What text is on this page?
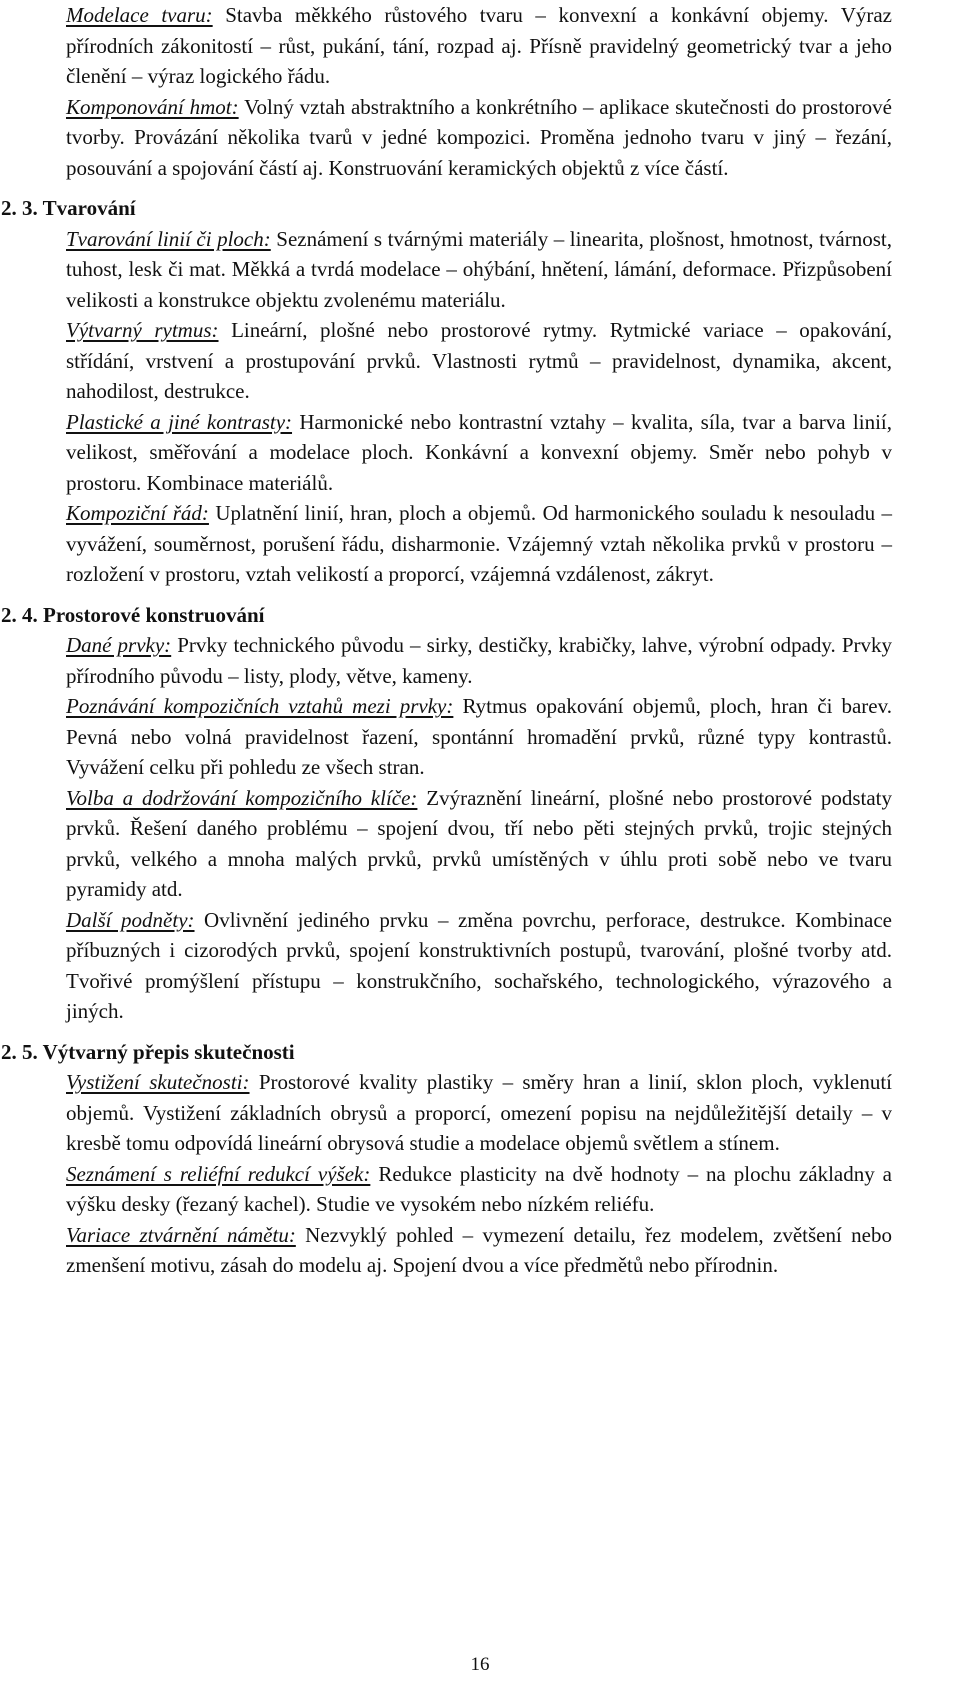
Modelace tvaru: Stavba měkkého růstového tvaru – konvexní a konkávní objemy. Výraz přírodních zákonitostí – růst, pukání, tání, rozpad aj. Přísně pravidelný geometrický tvar a jeho členění – výraz logického řádu.

Komponování hmot: Volný vztah abstraktního a konkrétního – aplikace skutečnosti do prostorové tvorby. Provázání několika tvarů v jedné kompozici. Proměna jednoho tvaru v jiný – řezání, posouvání a spojování částí aj. Konstruování keramických objektů z více částí.

2. 3. Tvarování

Tvarování linií či ploch: Seznámení s tvárnými materiály – linearita, plošnost, hmotnost, tvárnost, tuhost, lesk či mat. Měkká a tvrdá modelace – ohýbání, hnětení, lámání, deformace. Přizpůsobení velikosti a konstrukce objektu zvolenému materiálu.

Výtvarný rytmus: Lineární, plošné nebo prostorové rytmy. Rytmické variace – opakování, střídání, vrstvení a prostupování prvků. Vlastnosti rytmů – pravidelnost, dynamika, akcent, nahodilost, destrukce.

Plastické a jiné kontrasty: Harmonické nebo kontrastní vztahy – kvalita, síla, tvar a barva linií, velikost, směřování a modelace ploch. Konkávní a konvexní objemy. Směr nebo pohyb v prostoru. Kombinace materiálů.

Kompoziční řád: Uplatnění linií, hran, ploch a objemů. Od harmonického souladu k nesouladu – vyvážení, souměrnost, porušení řádu, disharmonie. Vzájemný vztah několika prvků v prostoru – rozložení v prostoru, vztah velikostí a proporcí, vzájemná vzdálenost, zákryt.

2. 4. Prostorové konstruování

Dané prvky: Prvky technického původu – sirky, destičky, krabičky, lahve, výrobní odpady. Prvky přírodního původu – listy, plody, větve, kameny.

Poznávání kompozičních vztahů mezi prvky: Rytmus opakování objemů, ploch, hran či barev. Pevná nebo volná pravidelnost řazení, spontánní hromadění prvků, různé typy kontrastů. Vyvážení celku při pohledu ze všech stran.

Volba a dodržování kompozičního klíče: Zvýraznění lineární, plošné nebo prostorové podstaty prvků. Řešení daného problému – spojení dvou, tří nebo pěti stejných prvků, trojic stejných prvků, velkého a mnoha malých prvků, prvků umístěných v úhlu proti sobě nebo ve tvaru pyramidy atd.

Další podněty: Ovlivnění jediného prvku – změna povrchu, perforace, destrukce. Kombinace příbuzných i cizorodých prvků, spojení konstruktivních postupů, tvarování, plošné tvorby atd. Tvořivé promýšlení přístupu – konstrukčního, sochařského, technologického, výrazového a jiných.

2. 5. Výtvarný přepis skutečnosti

Vystižení skutečnosti: Prostorové kvality plastiky – směry hran a linií, sklon ploch, vyklenutí objemů. Vystižení základních obrysů a proporcí, omezení popisu na nejdůležitější detaily – v kresbě tomu odpovídá lineární obrysová studie a modelace objemů světlem a stínem.

Seznámení s reliéfní redukcí výšek: Redukce plasticity na dvě hodnoty – na plochu základny a výšku desky (řezaný kachel). Studie ve vysokém nebo nízkém reliéfu.

Variace ztvárnění námětu: Nezvyklý pohled – vymezení detailu, řez modelem, zvětšení nebo zmenšení motivu, zásah do modelu aj. Spojení dvou a více předmětů nebo přírodnin.

16
